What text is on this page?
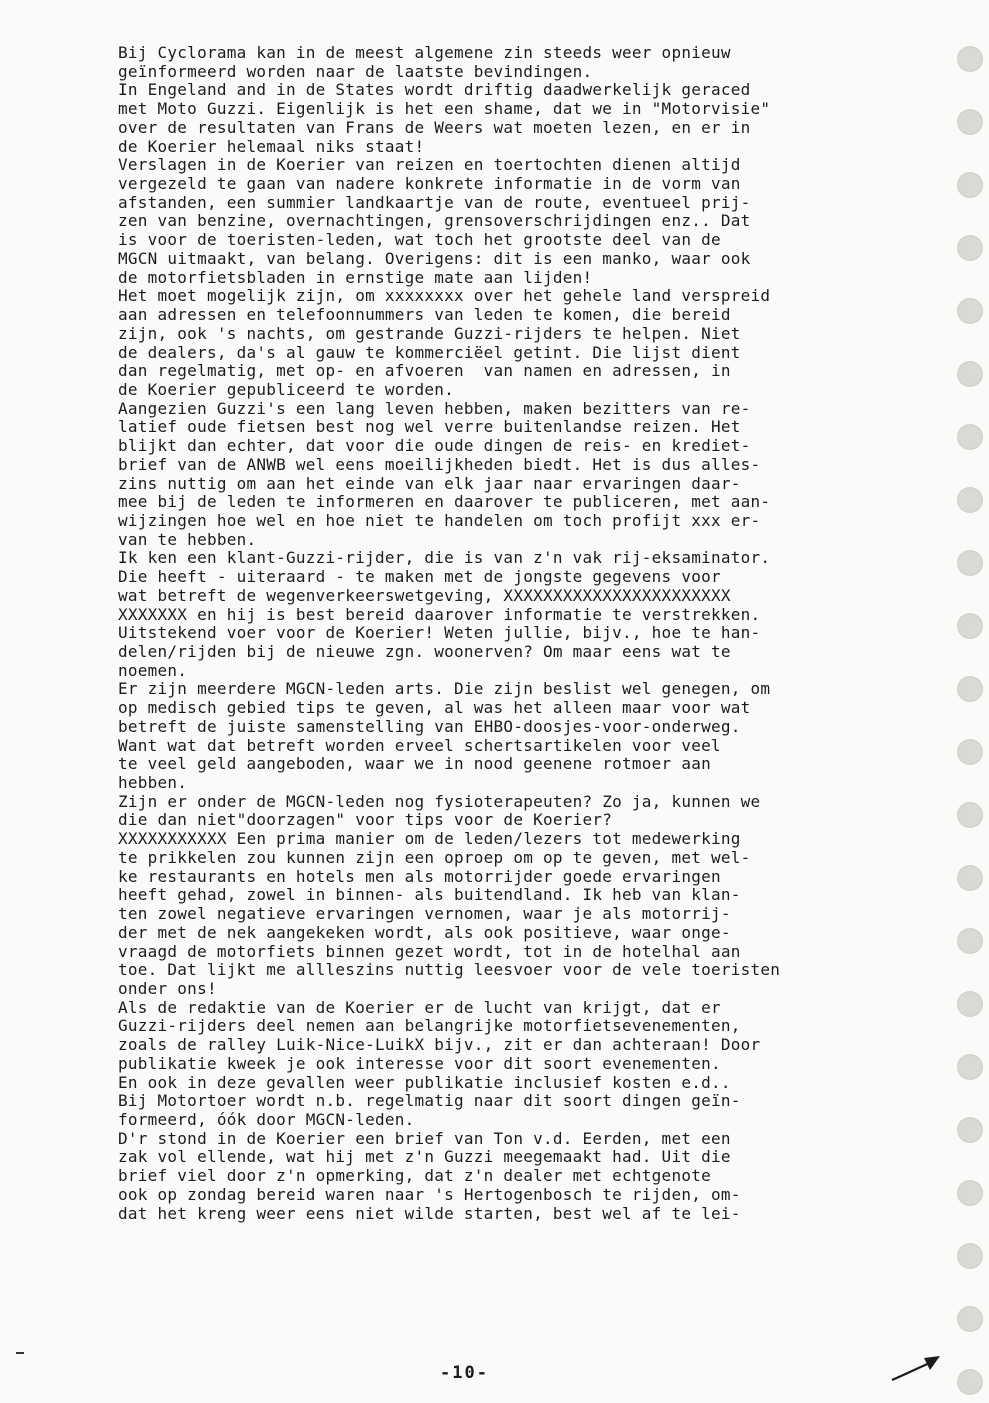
Bij Cyclorama kan in de meest algemene zin steeds weer opnieuw
geïnformeerd worden naar de laatste bevindingen.
In Engeland and in de States wordt driftig daadwerkelijk geraced
met Moto Guzzi. Eigenlijk is het een shame, dat we in "Motorvisie"
over de resultaten van Frans de Weers wat moeten lezen, en er in
de Koerier helemaal niks staat!
Verslagen in de Koerier van reizen en toertochten dienen altijd
vergezeld te gaan van nadere konkrete informatie in de vorm van
afstanden, een summier landkaartje van de route, eventueel prij-
zen van benzine, overnachtingen, grensoverschrijdingen enz.. Dat
is voor de toeristen-leden, wat toch het grootste deel van de
MGCN uitmaakt, van belang. Overigens: dit is een manko, waar ook
de motorfietsbladen in ernstige mate aan lijden!
Het moet mogelijk zijn, om xxxxxxxx over het gehele land verspreid
aan adressen en telefoonnummers van leden te komen, die bereid
zijn, ook 's nachts, om gestrande Guzzi-rijders te helpen. Niet
de dealers, da's al gauw te kommerciëel getint. Die lijst dient
dan regelmatig, met op- en afvoeren  van namen en adressen, in
de Koerier gepubliceerd te worden.
Aangezien Guzzi's een lang leven hebben, maken bezitters van re-
latief oude fietsen best nog wel verre buitenlandse reizen. Het
blijkt dan echter, dat voor die oude dingen de reis- en krediet-
brief van de ANWB wel eens moeilijkheden biedt. Het is dus alles-
zins nuttig om aan het einde van elk jaar naar ervaringen daar-
mee bij de leden te informeren en daarover te publiceren, met aan-
wijzingen hoe wel en hoe niet te handelen om toch profijt xxx er-
van te hebben.
Ik ken een klant-Guzzi-rijder, die is van z'n vak rij-eksaminator.
Die heeft - uiteraard - te maken met de jongste gegevens voor
wat betreft de wegenverkeerswetgeving, XXXXXXXXXXXXXXXXXXXXXXX
XXXXXXX en hij is best bereid daarover informatie te verstrekken.
Uitstekend voer voor de Koerier! Weten jullie, bijv., hoe te han-
delen/rijden bij de nieuwe zgn. woonerven? Om maar eens wat te
noemen.
Er zijn meerdere MGCN-leden arts. Die zijn beslist wel genegen, om
op medisch gebied tips te geven, al was het alleen maar voor wat
betreft de juiste samenstelling van EHBO-doosjes-voor-onderweg.
Want wat dat betreft worden erveel schertsartikelen voor veel
te veel geld aangeboden, waar we in nood geenene rotmoer aan
hebben.
Zijn er onder de MGCN-leden nog fysioterapeuten? Zo ja, kunnen we
die dan niet"doorzagen" voor tips voor de Koerier?
XXXXXXXXXXX Een prima manier om de leden/lezers tot medewerking
te prikkelen zou kunnen zijn een oproep om op te geven, met wel-
ke restaurants en hotels men als motorrijder goede ervaringen
heeft gehad, zowel in binnen- als buitendland. Ik heb van klan-
ten zowel negatieve ervaringen vernomen, waar je als motorrij-
der met de nek aangekeken wordt, als ook positieve, waar onge-
vraagd de motorfiets binnen gezet wordt, tot in de hotelhal aan
toe. Dat lijkt me allleszins nuttig leesvoer voor de vele toeristen
onder ons!
Als de redaktie van de Koerier er de lucht van krijgt, dat er
Guzzi-rijders deel nemen aan belangrijke motorfietsevenementen,
zoals de ralley Luik-Nice-LuikX bijv., zit er dan achteraan! Door
publikatie kweek je ook interesse voor dit soort evenementen.
En ook in deze gevallen weer publikatie inclusief kosten e.d..
Bij Motortoer wordt n.b. regelmatig naar dit soort dingen geïn-
formeerd, óók door MGCN-leden.
D'r stond in de Koerier een brief van Ton v.d. Eerden, met een
zak vol ellende, wat hij met z'n Guzzi meegemaakt had. Uit die
brief viel door z'n opmerking, dat z'n dealer met echtgenote
ook op zondag bereid waren naar 's Hertogenbosch te rijden, om-
dat het kreng weer eens niet wilde starten, best wel af te lei-
-10-
